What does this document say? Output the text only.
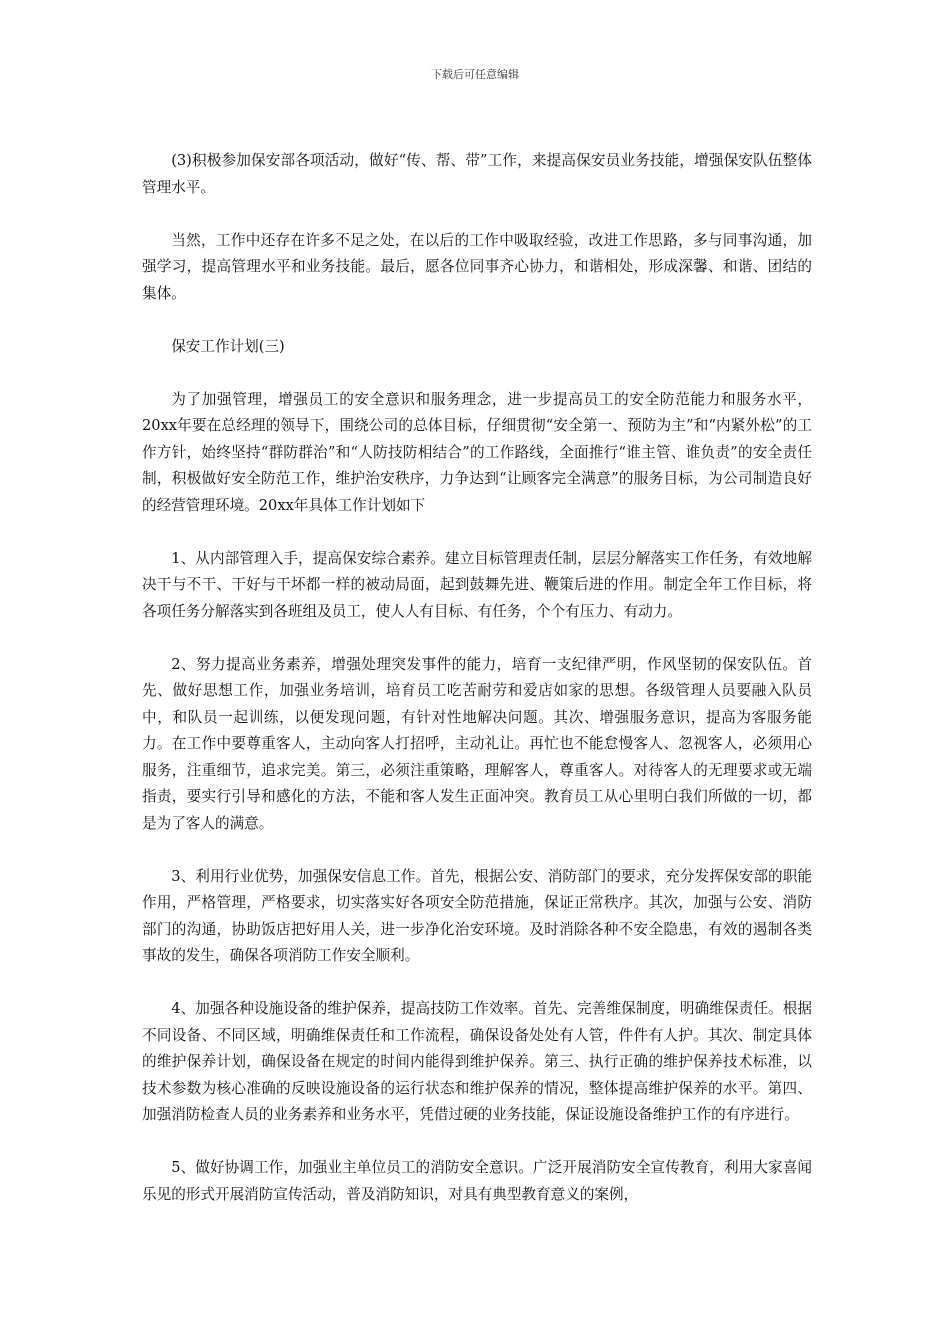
下载后可任意编辑

(3)积极参加保安部各项活动，做好“传、帮、带”工作，来提高保安员业务技能，增强保安队伍整体管理水平。

当然，工作中还存在许多不足之处，在以后的工作中吸取经验，改进工作思路，多与同事沟通，加强学习，提高管理水平和业务技能。最后，愿各位同事齐心协力，和谐相处，形成深馨、和谐、团结的集体。

保安工作计划(三)

为了加强管理，增强员工的安全意识和服务理念，进一步提高员工的安全防范能力和服务水平，20xx年要在总经理的领导下，围绕公司的总体目标，仔细贯彻“安全第一、预防为主”和“内紧外松”的工作方针，始终坚持“群防群治”和“人防技防相结合”的工作路线，全面推行“谁主管、谁负责”的安全责任制，积极做好安全防范工作，维护治安秩序，力争达到“让顾客完全满意”的服务目标，为公司制造良好的经营管理环境。20xx年具体工作计划如下

1、从内部管理入手，提高保安综合素养。建立目标管理责任制，层层分解落实工作任务，有效地解决干与不干、干好与干坏都一样的被动局面，起到鼓舞先进、鞭策后进的作用。制定全年工作目标，将各项任务分解落实到各班组及员工，使人人有目标、有任务，个个有压力、有动力。

2、努力提高业务素养，增强处理突发事件的能力，培育一支纪律严明，作风坚韧的保安队伍。首先、做好思想工作，加强业务培训，培育员工吃苦耐劳和爱店如家的思想。各级管理人员要融入队员中，和队员一起训练，以便发现问题，有针对性地解决问题。其次、增强服务意识，提高为客服务能力。在工作中要尊重客人，主动向客人打招呼，主动礼让。再忙也不能怠慢客人、忽视客人，必须用心服务，注重细节，追求完美。第三，必须注重策略，理解客人，尊重客人。对待客人的无理要求或无端指责，要实行引导和感化的方法，不能和客人发生正面冲突。教育员工从心里明白我们所做的一切，都是为了客人的满意。

3、利用行业优势，加强保安信息工作。首先，根据公安、消防部门的要求，充分发挥保安部的职能作用，严格管理，严格要求，切实落实好各项安全防范措施，保证正常秩序。其次，加强与公安、消防部门的沟通，协助饭店把好用人关，进一步净化治安环境。及时消除各种不安全隐患，有效的遏制各类事故的发生，确保各项消防工作安全顺利。

4、加强各种设施设备的维护保养，提高技防工作效率。首先、完善维保制度，明确维保责任。根据不同设备、不同区域，明确维保责任和工作流程，确保设备处处有人管，件件有人护。其次、制定具体的维护保养计划，确保设备在规定的时间内能得到维护保养。第三、执行正确的维护保养技术标准，以技术参数为核心准确的反映设施设备的运行状态和维护保养的情况，整体提高维护保养的水平。第四、加强消防检查人员的业务素养和业务水平，凭借过硬的业务技能，保证设施设备维护工作的有序进行。

5、做好协调工作，加强业主单位员工的消防安全意识。广泛开展消防安全宣传教育，利用大家喜闻乐见的形式开展消防宣传活动，普及消防知识，对具有典型教育意义的案例，
